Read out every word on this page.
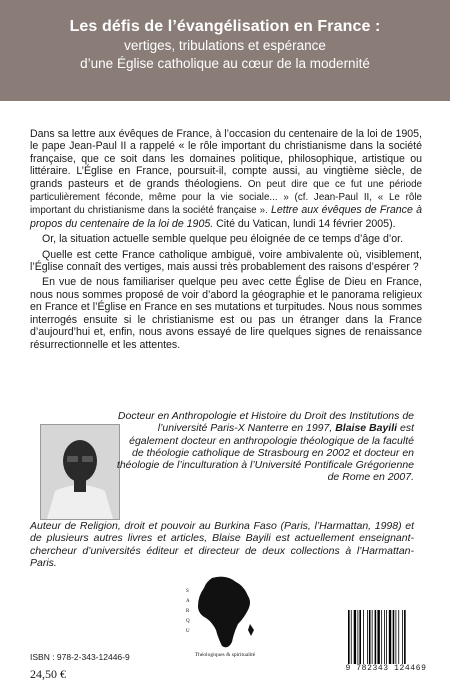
Les défis de l’évangélisation en France :
vertiges, tribulations et espérance
d’une Église catholique au cœur de la modernité

Dans sa lettre aux évêques de France, à l’occasion du centenaire de la loi de 1905, le pape Jean-Paul II a rappelé « le rôle important du christianisme dans la société française, que ce soit dans les domaines politique, philosophique, artistique ou littéraire. L’Église en France, poursuit-il, compte aussi, au vingtième siècle, de grands pasteurs et de grands théologiens. On peut dire que ce fut une période particulièrement féconde, même pour la vie sociale... » (cf. Jean-Paul II, « Le rôle important du christianisme dans la société française ». Lettre aux évêques de France à propos du centenaire de la loi de 1905. Cité du Vatican, lundi 14 février 2005).

Or, la situation actuelle semble quelque peu éloignée de ce temps d’âge d’or.

Quelle est cette France catholique ambiguë, voire ambivalente où, visiblement, l’Église connaît des vertiges, mais aussi très probablement des raisons d’espérer ?

En vue de nous familiariser quelque peu avec cette Église de Dieu en France, nous nous sommes proposé de voir d’abord la géographie et le panorama religieux en France et l’Église en France en ses mutations et turpitudes. Nous nous sommes interrogés ensuite si le christianisme est ou pas un étranger dans la France d’aujourd’hui et, enfin, nous avons essayé de lire quelques signes de renaissance résurrectionnelle et les attentes.

Docteur en Anthropologie et Histoire du Droit des Institutions de l’université Paris-X Nanterre en 1997, Blaise Bayili est également docteur en anthropologie théologique de la faculté de théologie catholique de Strasbourg en 2002 et docteur en théologie de l’inculturation à l’Université Pontificale Grégorienne de Rome en 2007.
Auteur de Religion, droit et pouvoir au Burkina Faso (Paris, l’Harmattan, 1998) et de plusieurs autres livres et articles, Blaise Bayili est actuellement enseignant-chercheur d’universités éditeur et directeur de deux collections à l’Harmattan-Paris.
S
A
R
Q
U
Théologiques & spiritualité
ISBN : 978-2-343-12446-9
24,50 €	9 782343 124469
